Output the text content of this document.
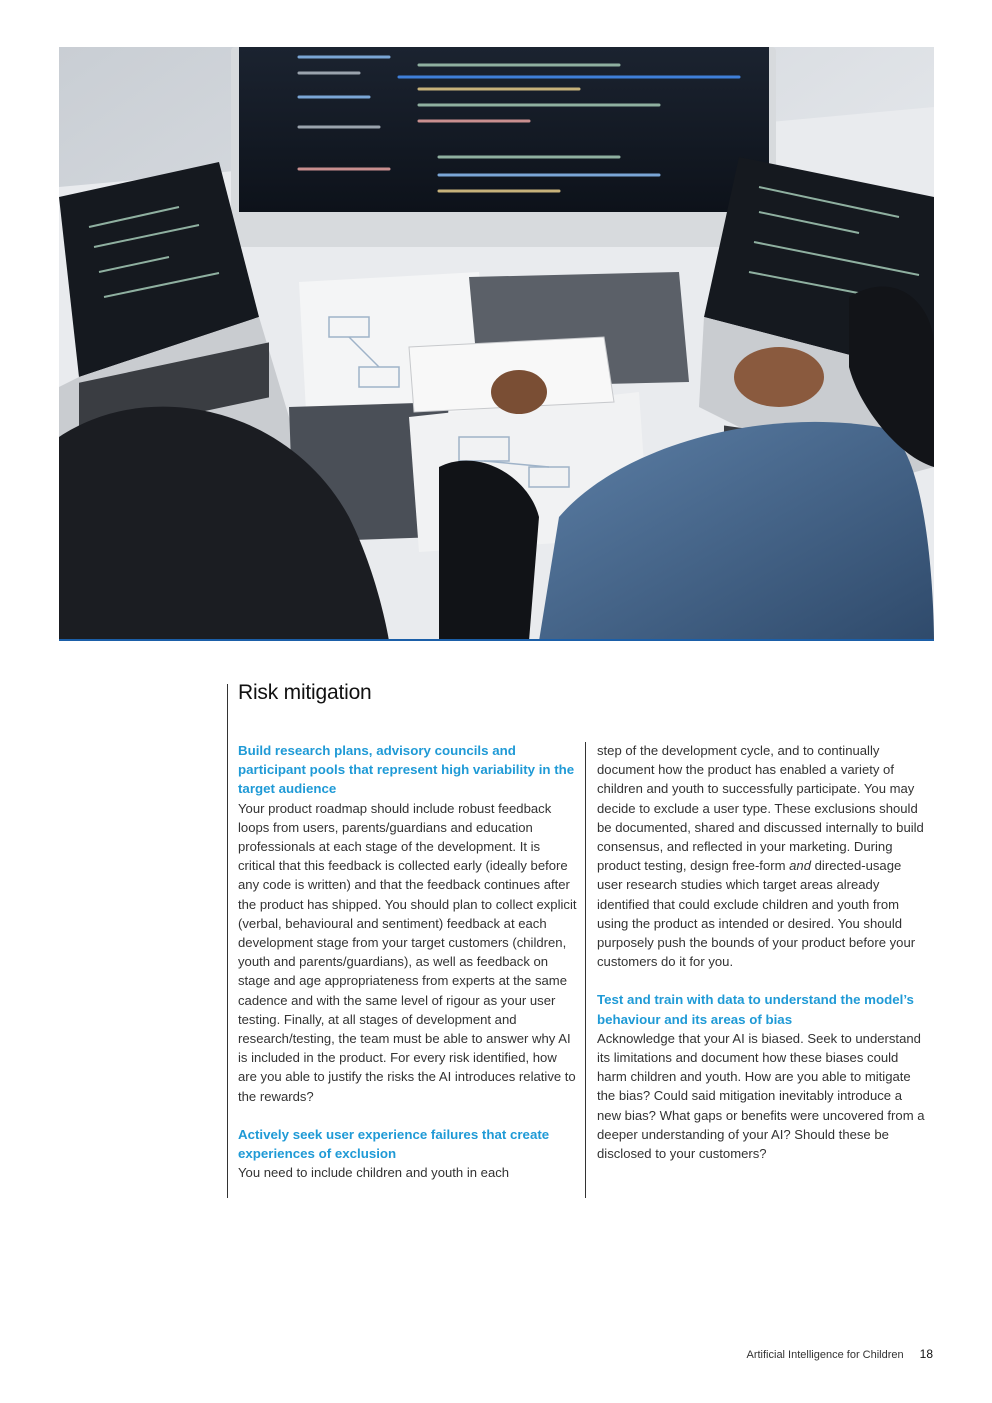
Risk mitigation
Build research plans, advisory councils and participant pools that represent high variability in the target audience

Your product roadmap should include robust feedback loops from users, parents/guardians and education professionals at each stage of the development. It is critical that this feedback is collected early (ideally before any code is written) and that the feedback continues after the product has shipped. You should plan to collect explicit (verbal, behavioural and sentiment) feedback at each development stage from your target customers (children, youth and parents/guardians), as well as feedback on stage and age appropriateness from experts at the same cadence and with the same level of rigour as your user testing. Finally, at all stages of development and research/testing, the team must be able to answer why AI is included in the product. For every risk identified, how are you able to justify the risks the AI introduces relative to the rewards?

Actively seek user experience failures that create experiences of exclusion

You need to include children and youth in each

step of the development cycle, and to continually document how the product has enabled a variety of children and youth to successfully participate. You may decide to exclude a user type. These exclusions should be documented, shared and discussed internally to build consensus, and reflected in your marketing. During product testing, design free-form and directed-usage user research studies which target areas already identified that could exclude children and youth from using the product as intended or desired. You should purposely push the bounds of your product before your customers do it for you.

Test and train with data to understand the model’s behaviour and its areas of bias

Acknowledge that your AI is biased. Seek to understand its limitations and document how these biases could harm children and youth. How are you able to mitigate the bias? Could said mitigation inevitably introduce a new bias? What gaps or benefits were uncovered from a deeper understanding of your AI? Should these be disclosed to your customers?

Artificial Intelligence for Children 18
